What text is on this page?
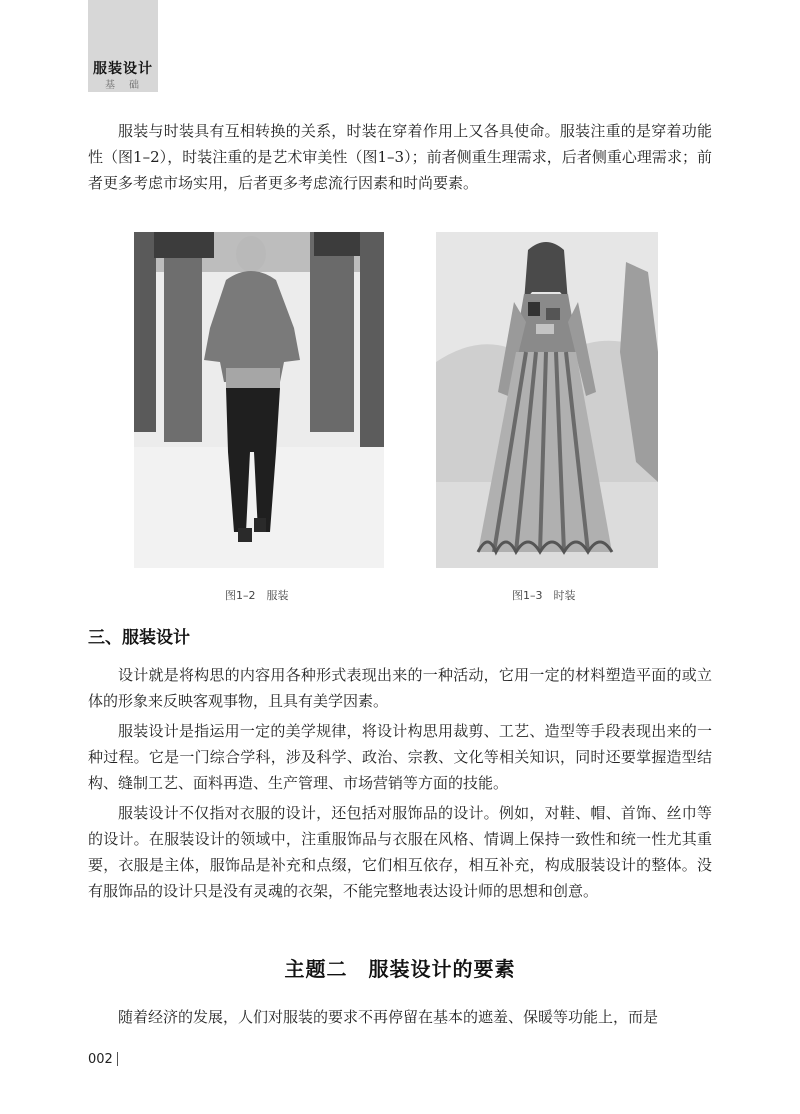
服装设计
基础

服装与时装具有互相转换的关系，时装在穿着作用上又各具使命。服装注重的是穿着功能性（图1–2），时装注重的是艺术审美性（图1–3）；前者侧重生理需求，后者侧重心理需求；前者更多考虑市场实用，后者更多考虑流行因素和时尚要素。

图1–2　服装	图1–3　时装
三、服装设计

设计就是将构思的内容用各种形式表现出来的一种活动，它用一定的材料塑造平面的或立体的形象来反映客观事物，且具有美学因素。

服装设计是指运用一定的美学规律，将设计构思用裁剪、工艺、造型等手段表现出来的一种过程。它是一门综合学科，涉及科学、政治、宗教、文化等相关知识，同时还要掌握造型结构、缝制工艺、面料再造、生产管理、市场营销等方面的技能。

服装设计不仅指对衣服的设计，还包括对服饰品的设计。例如，对鞋、帽、首饰、丝巾等的设计。在服装设计的领域中，注重服饰品与衣服在风格、情调上保持一致性和统一性尤其重要，衣服是主体，服饰品是补充和点缀，它们相互依存，相互补充，构成服装设计的整体。没有服饰品的设计只是没有灵魂的衣架，不能完整地表达设计师的思想和创意。

主题二　服装设计的要素

随着经济的发展，人们对服装的要求不再停留在基本的遮羞、保暖等功能上，而是

002
